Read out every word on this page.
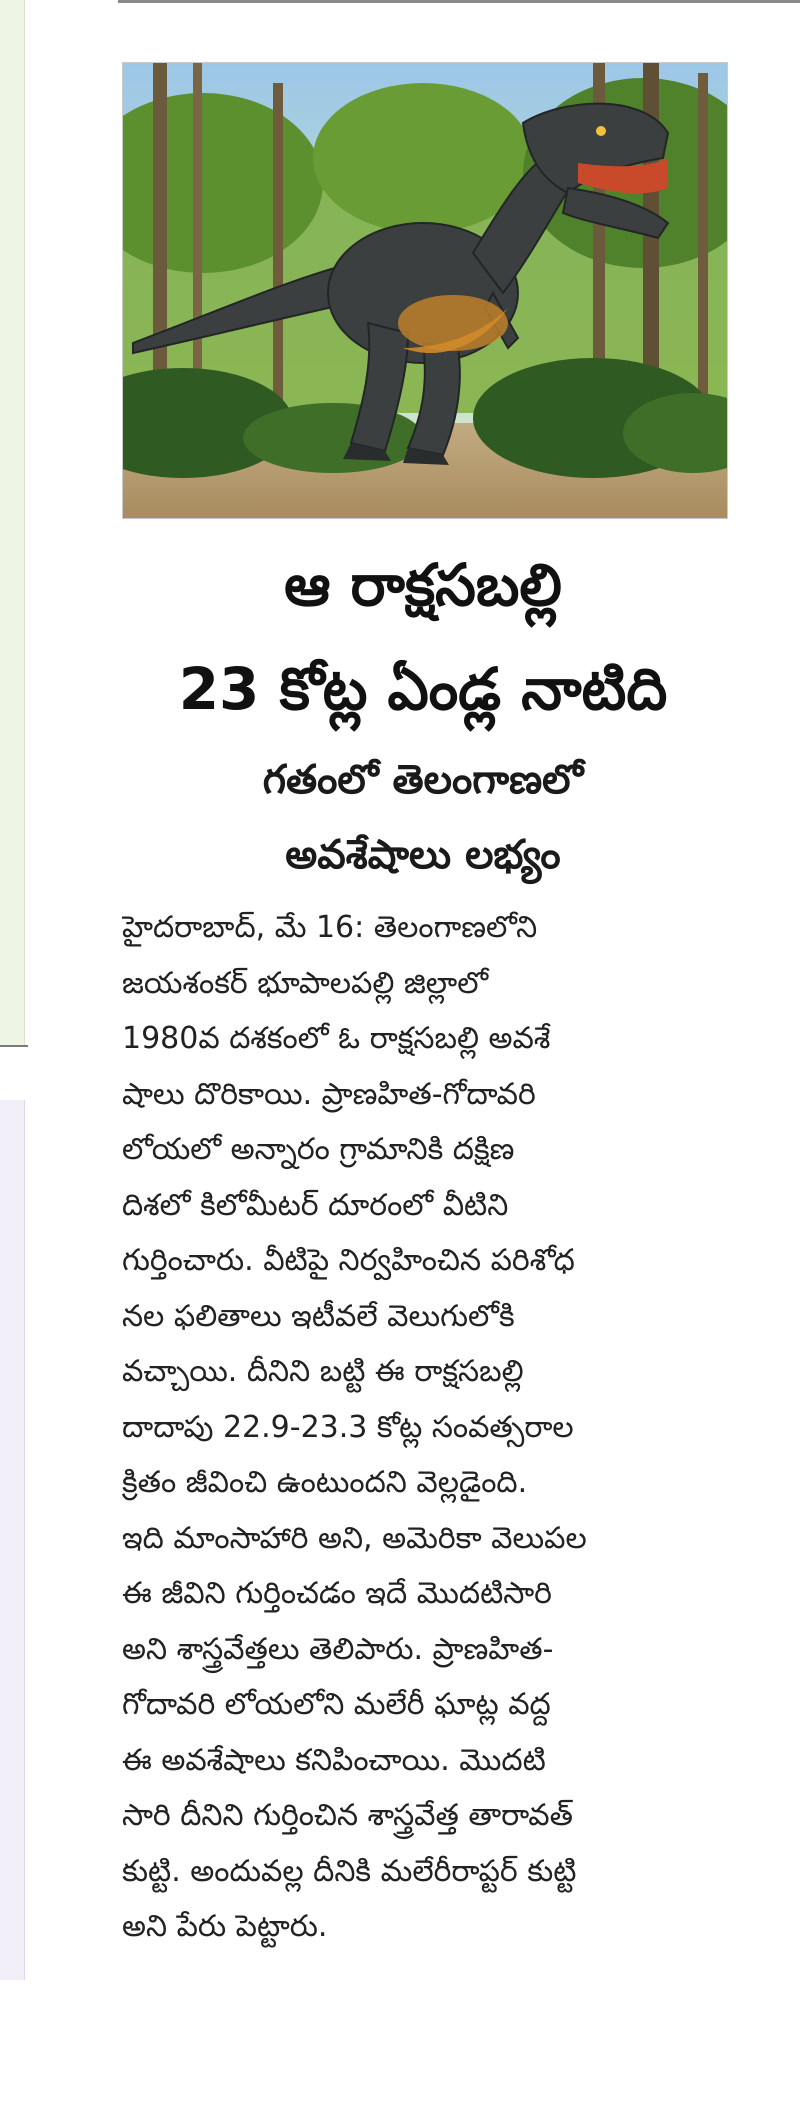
ఆ రాక్షసబల్లి
23 కోట్ల ఏండ్ల నాటిది
గతంలో తెలంగాణలో
అవశేషాలు లభ్యం
హైదరాబాద్, మే 16: తెలంగాణలోని
జయశంకర్ భూపాలపల్లి జిల్లాలో
1980వ దశకంలో ఓ రాక్షసబల్లి అవశే
షాలు దొరికాయి. ప్రాణహిత-గోదావరి
లోయలో అన్నారం గ్రామానికి దక్షిణ
దిశలో కిలోమీటర్ దూరంలో వీటిని
గుర్తించారు. వీటిపై నిర్వహించిన పరిశోధ
నల ఫలితాలు ఇటీవలే వెలుగులోకి
వచ్చాయి. దీనిని బట్టి ఈ రాక్షసబల్లి
దాదాపు 22.9-23.3 కోట్ల సంవత్సరాల
క్రితం జీవించి ఉంటుందని వెల్లడైంది.
ఇది మాంసాహారి అని, అమెరికా వెలుపల
ఈ జీవిని గుర్తించడం ఇదే మొదటిసారి
అని శాస్త్రవేత్తలు తెలిపారు. ప్రాణహిత-
గోదావరి లోయలోని మలేరీ ఘాట్ల వద్ద
ఈ అవశేషాలు కనిపించాయి. మొదటి
సారి దీనిని గుర్తించిన శాస్త్రవేత్త తారావత్
కుట్టి. అందువల్ల దీనికి మలేరీరాప్టర్ కుట్టి
అని పేరు పెట్టారు.
